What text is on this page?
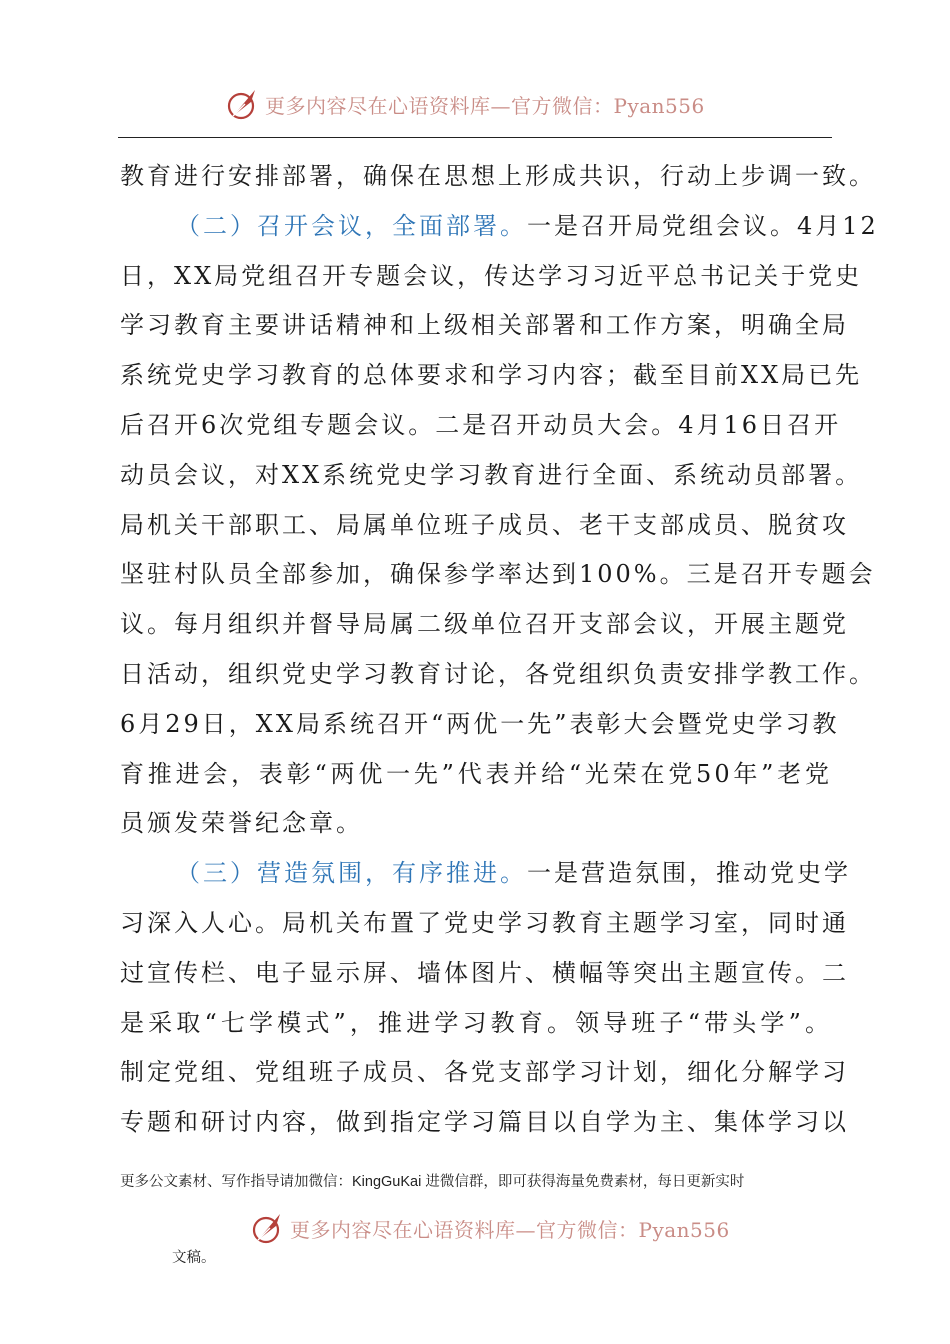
更多内容尽在心语资料库—官方微信：Pyan556
教育进行安排部署，确保在思想上形成共识，行动上步调一致。
（二）召开会议，全面部署。一是召开局党组会议。4月12
日，XX局党组召开专题会议，传达学习习近平总书记关于党史
学习教育主要讲话精神和上级相关部署和工作方案，明确全局
系统党史学习教育的总体要求和学习内容；截至目前XX局已先
后召开6次党组专题会议。二是召开动员大会。4月16日召开
动员会议，对XX系统党史学习教育进行全面、系统动员部署。
局机关干部职工、局属单位班子成员、老干支部成员、脱贫攻
坚驻村队员全部参加，确保参学率达到100%。三是召开专题会
议。每月组织并督导局属二级单位召开支部会议，开展主题党
日活动，组织党史学习教育讨论，各党组织负责安排学教工作。
6月29日，XX局系统召开“两优一先”表彰大会暨党史学习教
育推进会，表彰“两优一先”代表并给“光荣在党50年”老党
员颁发荣誉纪念章。
（三）营造氛围，有序推进。一是营造氛围，推动党史学
习深入人心。局机关布置了党史学习教育主题学习室，同时通
过宣传栏、电子显示屏、墙体图片、横幅等突出主题宣传。二
是采取“七学模式”，推进学习教育。领导班子“带头学”。
制定党组、党组班子成员、各党支部学习计划，细化分解学习
专题和研讨内容，做到指定学习篇目以自学为主、集体学习以
更多公文素材、写作指导请加微信：KingGuKai 进微信群，即可获得海量免费素材，每日更新实时
更多内容尽在心语资料库—官方微信：Pyan556
文稿。
